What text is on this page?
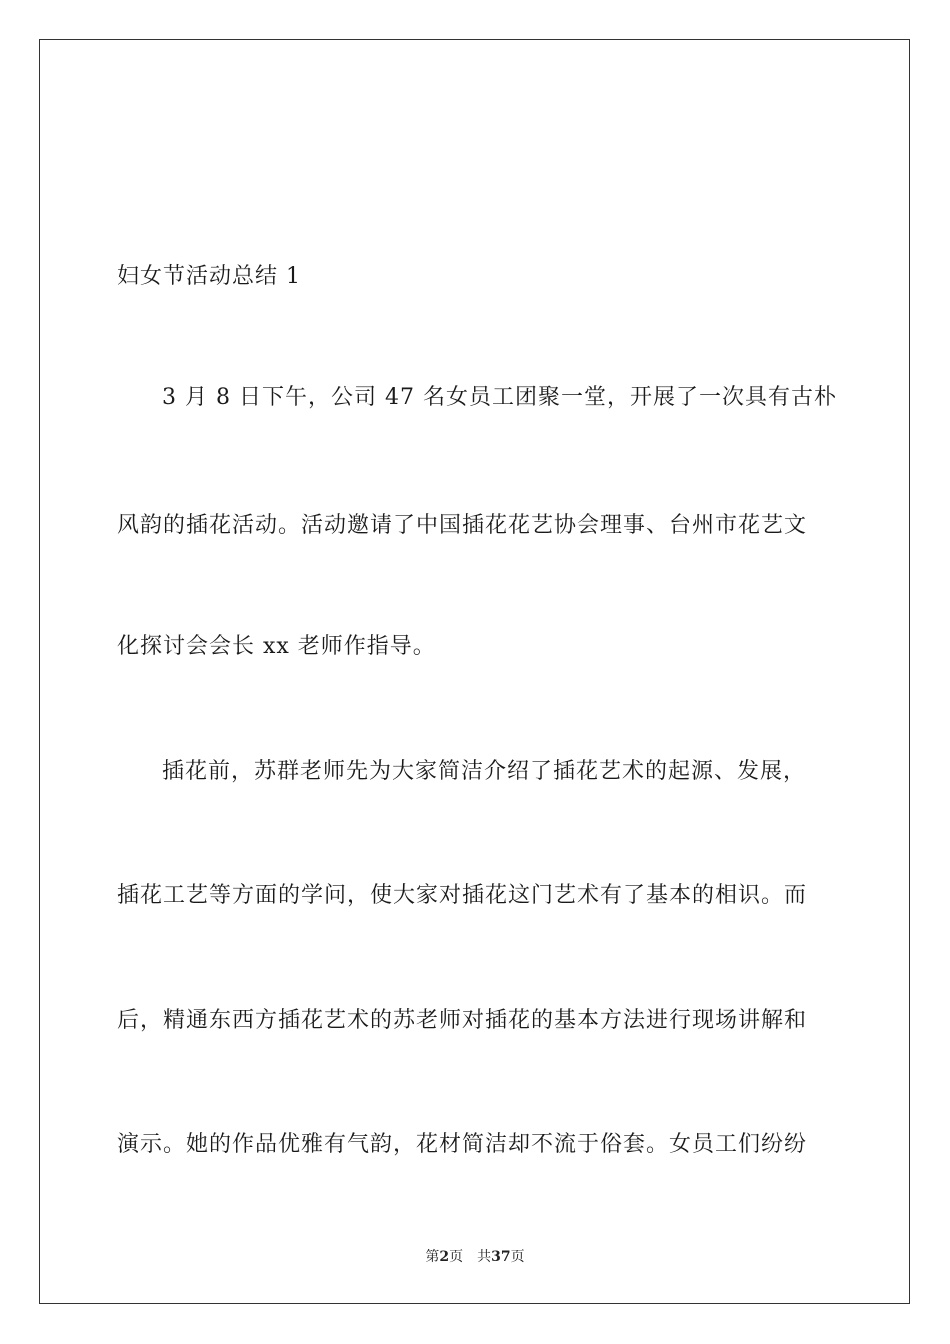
妇女节活动总结 1
3 月 8 日下午，公司 47 名女员工团聚一堂，开展了一次具有古朴
风韵的插花活动。活动邀请了中国插花花艺协会理事、台州市花艺文
化探讨会会长 xx 老师作指导。
插花前，苏群老师先为大家简洁介绍了插花艺术的起源、发展，
插花工艺等方面的学问，使大家对插花这门艺术有了基本的相识。而
后，精通东西方插花艺术的苏老师对插花的基本方法进行现场讲解和
演示。她的作品优雅有气韵，花材简洁却不流于俗套。女员工们纷纷
第2页 共37页
